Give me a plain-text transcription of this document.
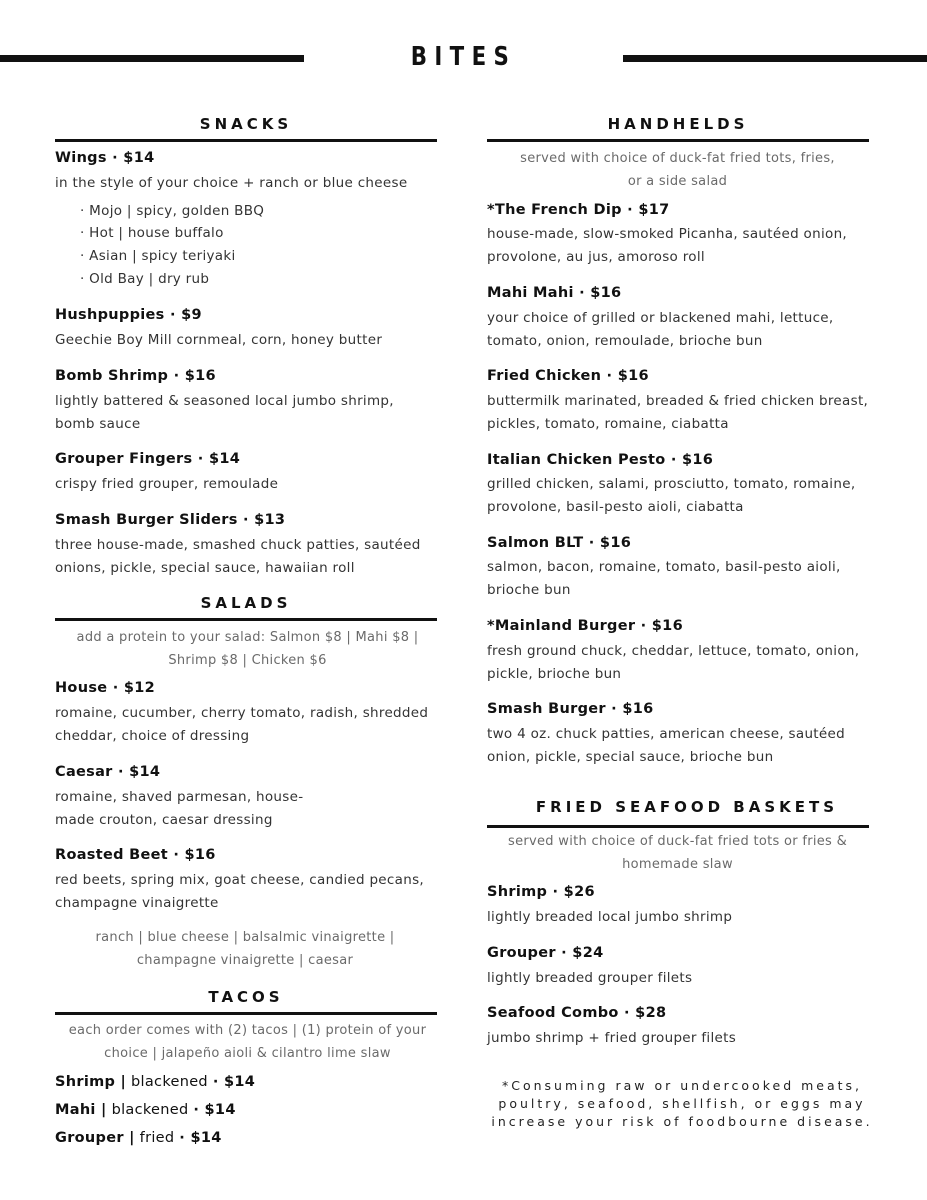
BITES
SNACKS
Wings · $14
in the style of your choice + ranch or blue cheese
· Mojo | spicy, golden BBQ
· Hot | house buffalo
· Asian | spicy teriyaki
· Old Bay | dry rub
Hushpuppies · $9
Geechie Boy Mill cornmeal, corn, honey butter
Bomb Shrimp · $16
lightly battered & seasoned local jumbo shrimp, bomb sauce
Grouper Fingers · $14
crispy fried grouper, remoulade
Smash Burger Sliders · $13
three house-made, smashed chuck patties, sautéed onions, pickle, special sauce, hawaiian roll
SALADS
add a protein to your salad: Salmon $8 | Mahi $8 | Shrimp $8 | Chicken $6
House · $12
romaine, cucumber, cherry tomato, radish, shredded cheddar, choice of dressing
Caesar · $14
romaine, shaved parmesan, house-made crouton, caesar dressing
Roasted Beet · $16
red beets, spring mix, goat cheese, candied pecans, champagne vinaigrette
ranch | blue cheese | balsalmic vinaigrette | champagne vinaigrette | caesar
TACOS
each order comes with (2) tacos | (1) protein of your choice | jalapeño aioli & cilantro lime slaw
Shrimp | blackened · $14
Mahi | blackened · $14
Grouper | fried · $14
HANDHELDS
served with choice of duck-fat fried tots, fries, or a side salad
*The French Dip · $17
house-made, slow-smoked Picanha, sautéed onion, provolone, au jus, amoroso roll
Mahi Mahi · $16
your choice of grilled or blackened mahi, lettuce, tomato, onion, remoulade, brioche bun
Fried Chicken · $16
buttermilk marinated, breaded & fried chicken breast, pickles, tomato, romaine, ciabatta
Italian Chicken Pesto · $16
grilled chicken, salami, prosciutto, tomato, romaine, provolone, basil-pesto aioli, ciabatta
Salmon BLT · $16
salmon, bacon, romaine, tomato, basil-pesto aioli, brioche bun
*Mainland Burger · $16
fresh ground chuck, cheddar, lettuce, tomato, onion, pickle, brioche bun
Smash Burger · $16
two 4 oz. chuck patties, american cheese, sautéed onion, pickle, special sauce, brioche bun
FRIED SEAFOOD BASKETS
served with choice of duck-fat fried tots or fries & homemade slaw
Shrimp · $26
lightly breaded local jumbo shrimp
Grouper · $24
lightly breaded grouper filets
Seafood Combo · $28
jumbo shrimp + fried grouper filets
*Consuming raw or undercooked meats, poultry, seafood, shellfish, or eggs may increase your risk of foodbourne disease.
